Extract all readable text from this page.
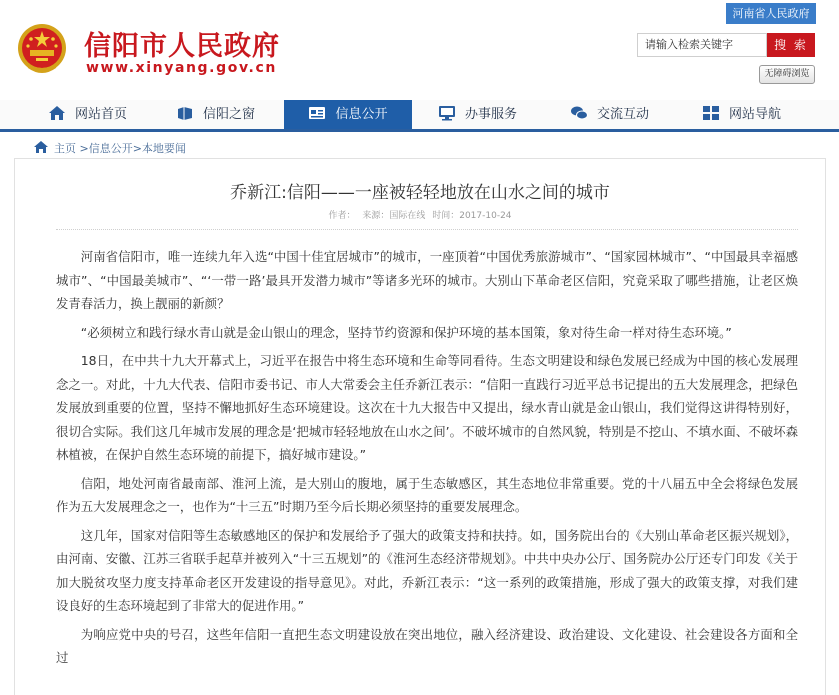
信阳市人民政府
www.xinyang.gov.cn
河南省人民政府
请输入检索关键字	搜 索
无障碍浏览
网站首页	信阳之窗	信息公开	办事服务	交流互动	网站导航
主页 >信息公开>本地要闻
乔新江:信阳——一座被轻轻地放在山水之间的城市
作者： 来源：国际在线 时间：2017-10-24

河南省信阳市，唯一连续九年入选“中国十佳宜居城市”的城市，一座顶着“中国优秀旅游城市”、“国家园林城市”、“中国最具幸福感城市”、“中国最美城市”、“‘一带一路’最具开发潜力城市”等诸多光环的城市。大别山下革命老区信阳，究竟采取了哪些措施，让老区焕发青春活力，换上靓丽的新颜？

“必须树立和践行绿水青山就是金山银山的理念，坚持节约资源和保护环境的基本国策，象对待生命一样对待生态环境。”

18日，在中共十九大开幕式上，习近平在报告中将生态环境和生命等同看待。生态文明建设和绿色发展已经成为中国的核心发展理念之一。对此，十九大代表、信阳市委书记、市人大常委会主任乔新江表示：“信阳一直践行习近平总书记提出的五大发展理念，把绿色发展放到重要的位置，坚持不懈地抓好生态环境建设。这次在十九大报告中又提出，绿水青山就是金山银山，我们觉得这讲得特别好，很切合实际。我们这几年城市发展的理念是‘把城市轻轻地放在山水之间’。不破坏城市的自然风貌，特别是不挖山、不填水面、不破坏森林植被，在保护自然生态环境的前提下，搞好城市建设。”

信阳，地处河南省最南部、淮河上流，是大别山的腹地，属于生态敏感区，其生态地位非常重要。党的十八届五中全会将绿色发展作为五大发展理念之一，也作为“十三五”时期乃至今后长期必须坚持的重要发展理念。

这几年，国家对信阳等生态敏感地区的保护和发展给予了强大的政策支持和扶持。如，国务院出台的《大别山革命老区振兴规划》，由河南、安徽、江苏三省联手起草并被列入“十三五规划”的《淮河生态经济带规划》。中共中央办公厅、国务院办公厅还专门印发《关于加大脱贫攻坚力度支持革命老区开发建设的指导意见》。对此，乔新江表示：“这一系列的政策措施，形成了强大的政策支撑，对我们建设良好的生态环境起到了非常大的促进作用。”

为响应党中央的号召，这些年信阳一直把生态文明建设放在突出地位，融入经济建设、政治建设、文化建设、社会建设各方面和全过
